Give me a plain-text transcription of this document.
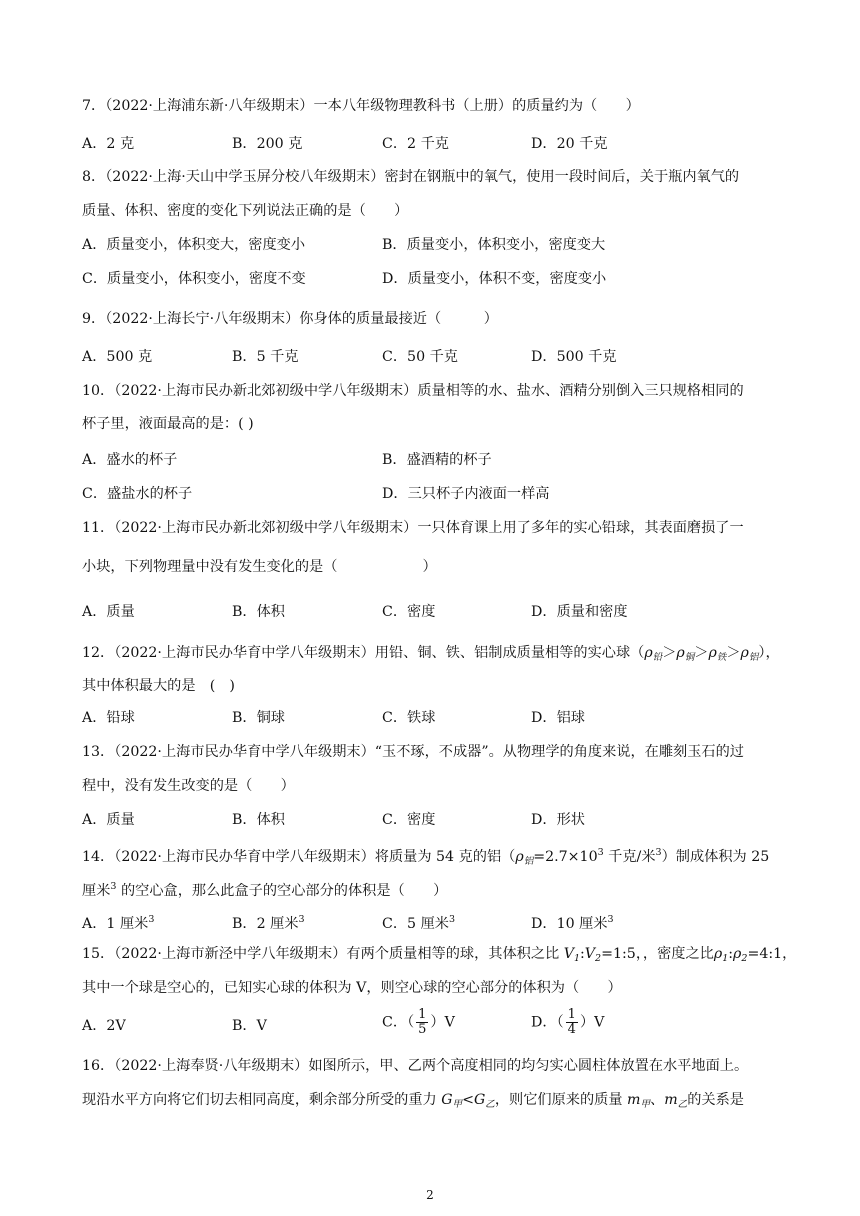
7．（2022·上海浦东新·八年级期末）一本八年级物理教科书（上册）的质量约为（　　）
A．2 克	B．200 克	C．2 千克	D．20 千克
8．（2022·上海·天山中学玉屏分校八年级期末）密封在钢瓶中的氧气，使用一段时间后，关于瓶内氧气的
质量、体积、密度的变化下列说法正确的是（　　）
A．质量变小，体积变大，密度变小	B．质量变小，体积变小，密度变大
C．质量变小，体积变小，密度不变	D．质量变小，体积不变，密度变小
9．（2022·上海长宁·八年级期末）你身体的质量最接近（　　　）
A．500 克	B．5 千克	C．50 千克	D．500 千克
10．（2022·上海市民办新北郊初级中学八年级期末）质量相等的水、盐水、酒精分别倒入三只规格相同的
杯子里，液面最高的是：( )
A．盛水的杯子	B．盛酒精的杯子
C．盛盐水的杯子	D．三只杯子内液面一样高
11．（2022·上海市民办新北郊初级中学八年级期末）一只体育课上用了多年的实心铅球，其表面磨损了一
小块，下列物理量中没有发生变化的是（　　　　　　）
A．质量	B．体积	C．密度	D．质量和密度
12．（2022·上海市民办华育中学八年级期末）用铅、铜、铁、铝制成质量相等的实心球$(\rho_铅>\rho_铜>\rho_铁>\rho_铝)$，
其中体积最大的是　(　)
A．铅球	B．铜球	C．铁球	D．铝球
13．（2022·上海市民办华育中学八年级期末）“玉不琢，不成器”。从物理学的角度来说，在雕刻玉石的过
程中，没有发生改变的是（　　）
A．质量	B．体积	C．密度	D．形状
14．（2022·上海市民办华育中学八年级期末）将质量为 54 克的铝（$\rho_铝=2.7\times 10^3$ 千克/米$^3$）制成体积为 25
厘米$^3$ 的空心盒，那么此盒子的空心部分的体积是（　　）
A．1 厘米$^3$	B．2 厘米$^3$	C．5 厘米$^3$	D．10 厘米$^3$
15．（2022·上海市新泾中学八年级期末）有两个质量相等的球，其体积之比 $V_1:V_2=1:5$，，密度之比$\rho_1:\rho_2=4:1$，
其中一个球是空心的，已知实心球的体积为 V，则空心球的空心部分的体积为（　　）
A．2V	B．V	C．（ $\frac{1}{5} )V$	D．（ $\frac{1}{4} )V$
16．（2022·上海奉贤·八年级期末）如图所示，甲、乙两个高度相同的均匀实心圆柱体放置在水平地面上。
现沿水平方向将它们切去相同高度，剩余部分所受的重力 $G_甲<G_乙$，则它们原来的质量 $m_甲$、$m_乙$的关系是
2
